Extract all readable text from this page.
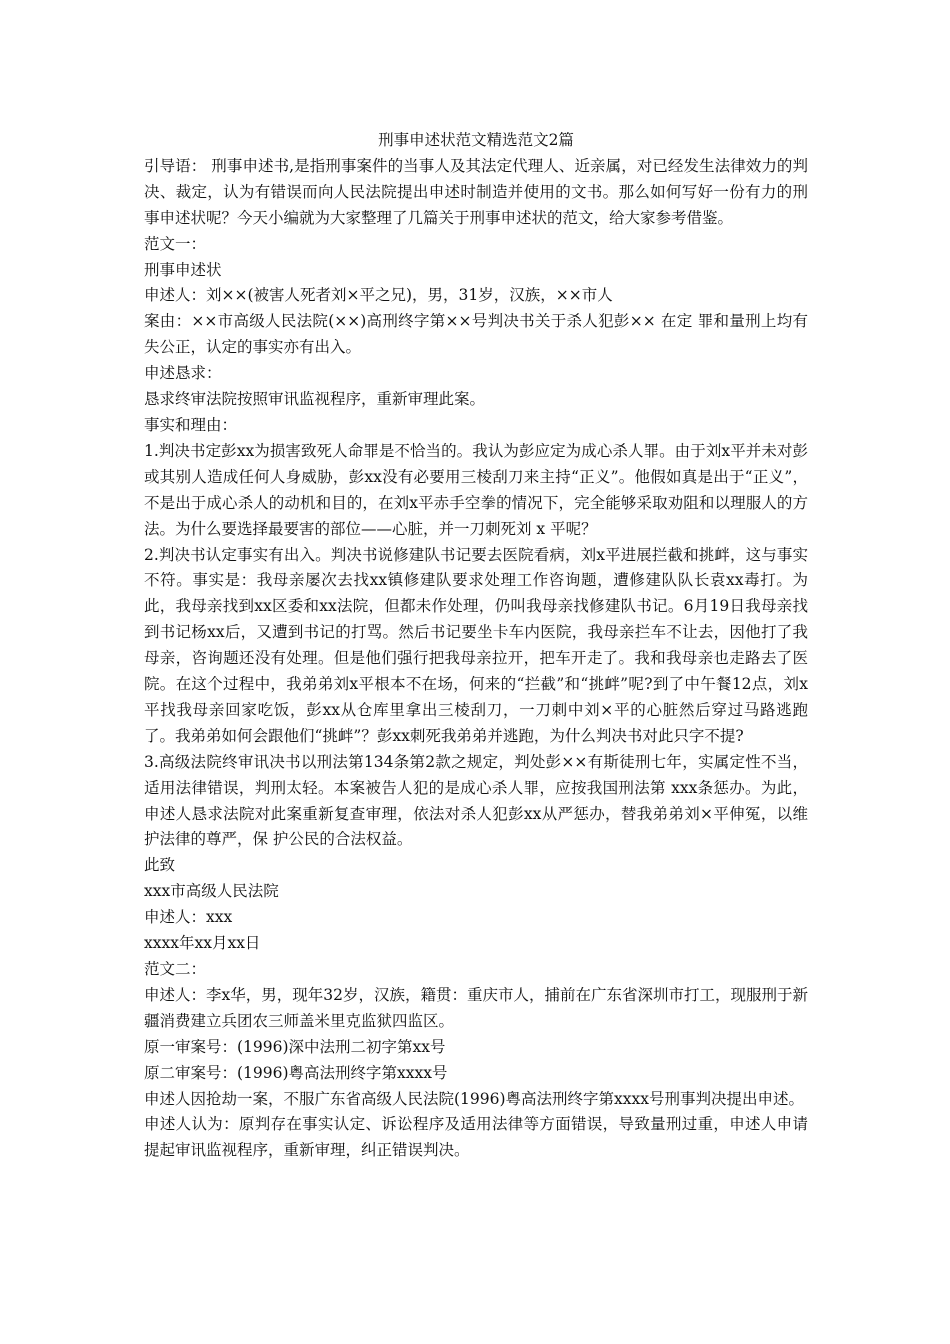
刑事申述状范文精选范文2篇
引导语： 刑事申述书,是指刑事案件的当事人及其法定代理人、近亲属，对已经发生法律效力的判决、裁定，认为有错误而向人民法院提出申述时制造并使用的文书。那么如何写好一份有力的刑事申述状呢？今天小编就为大家整理了几篇关于刑事申述状的范文，给大家参考借鉴。
范文一：
刑事申述状
申述人：刘××(被害人死者刘×平之兄)，男，31岁，汉族，××市人
案由：××市高级人民法院(××)高刑终字第××号判决书关于杀人犯彭×× 在定 罪和量刑上均有失公正，认定的事实亦有出入。
申述恳求：
恳求终审法院按照审讯监视程序，重新审理此案。
事实和理由：
1.判决书定彭xx为损害致死人命罪是不恰当的。我认为彭应定为成心杀人罪。由于刘x平并未对彭或其别人造成任何人身威胁，彭xx没有必要用三棱刮刀来主持“正义”。他假如真是出于“正义”，不是出于成心杀人的动机和目的，在刘x平赤手空拳的情况下，完全能够采取劝阻和以理服人的方法。为什么要选择最要害的部位——心脏，并一刀刺死刘 x 平呢？
2.判决书认定事实有出入。判决书说修建队书记要去医院看病，刘x平进展拦截和挑衅，这与事实不符。事实是：我母亲屡次去找xx镇修建队要求处理工作咨询题，遭修建队队长袁xx毒打。为此，我母亲找到xx区委和xx法院，但都未作处理，仍叫我母亲找修建队书记。6月19日我母亲找到书记杨xx后，又遭到书记的打骂。然后书记要坐卡车内医院，我母亲拦车不让去，因他打了我母亲，咨询题还没有处理。但是他们强行把我母亲拉开，把车开走了。我和我母亲也走路去了医院。在这个过程中，我弟弟刘x平根本不在场，何来的“拦截”和“挑衅”呢?到了中午餐12点，刘x平找我母亲回家吃饭，彭xx从仓库里拿出三棱刮刀，一刀刺中刘×平的心脏然后穿过马路逃跑了。我弟弟如何会跟他们“挑衅”？彭xx刺死我弟弟并逃跑，为什么判决书对此只字不提?
3.高级法院终审讯决书以刑法第134条第2款之规定，判处彭××有斯徒刑七年，实属定性不当，适用法律错误，判刑太轻。本案被告人犯的是成心杀人罪，应按我国刑法第 xxx条惩办。为此，申述人恳求法院对此案重新复查审理，依法对杀人犯彭xx从严惩办，替我弟弟刘×平伸冤，以维护法律的尊严，保 护公民的合法权益。
此致
xxx市高级人民法院
申述人：xxx
xxxx年xx月xx日
范文二：
申述人：李x华，男，现年32岁，汉族，籍贯：重庆市人，捕前在广东省深圳市打工，现服刑于新疆消费建立兵团农三师盖米里克监狱四监区。
原一审案号：(1996)深中法刑二初字第xx号
原二审案号：(1996)粤高法刑终字第xxxx号
申述人因抢劫一案，不服广东省高级人民法院(1996)粤高法刑终字第xxxx号刑事判决提出申述。
申述人认为：原判存在事实认定、诉讼程序及适用法律等方面错误，导致量刑过重，申述人申请提起审讯监视程序，重新审理，纠正错误判决。
